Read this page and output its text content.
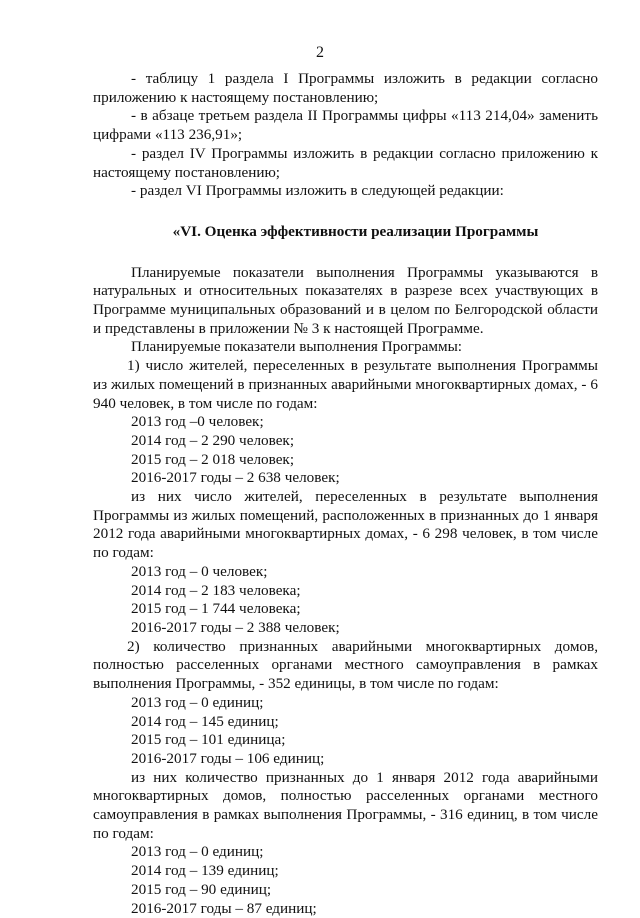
2

- таблицу 1 раздела I Программы изложить в редакции согласно приложению к настоящему постановлению;

- в абзаце третьем раздела II Программы цифры «113 214,04» заменить цифрами «113 236,91»;

- раздел IV Программы изложить в редакции согласно приложению к настоящему постановлению;

- раздел VI Программы изложить в следующей редакции:

«VI. Оценка эффективности реализации Программы

Планируемые показатели выполнения Программы указываются в натуральных и относительных показателях в разрезе всех участвующих в Программе муниципальных образований и в целом по Белгородской области и представлены в приложении № 3 к настоящей Программе.

Планируемые показатели выполнения Программы:

1) число жителей, переселенных в результате выполнения Программы из жилых помещений в признанных аварийными многоквартирных домах, - 6 940 человек, в том числе по годам:

2013 год –0 человек;

2014 год – 2 290 человек;

2015 год – 2 018 человек;

2016-2017 годы – 2 638 человек;

из них число жителей, переселенных в результате выполнения Программы из жилых помещений, расположенных в признанных до 1 января 2012 года аварийными многоквартирных домах, - 6 298 человек, в том числе по годам:

2013 год – 0 человек;

2014 год – 2 183 человека;

2015 год – 1 744 человека;

2016-2017 годы – 2 388 человек;

2) количество признанных аварийными многоквартирных домов, полностью расселенных органами местного самоуправления в рамках выполнения Программы, - 352 единицы, в том числе по годам:

2013 год – 0 единиц;

2014 год – 145 единиц;

2015 год – 101 единица;

2016-2017 годы – 106 единиц;

из них количество признанных до 1 января 2012 года аварийными многоквартирных домов, полностью расселенных органами местного самоуправления в рамках выполнения Программы, - 316 единиц, в том числе по годам:

2013 год – 0 единиц;

2014 год – 139 единиц;

2015 год – 90 единиц;

2016-2017 годы – 87 единиц;
